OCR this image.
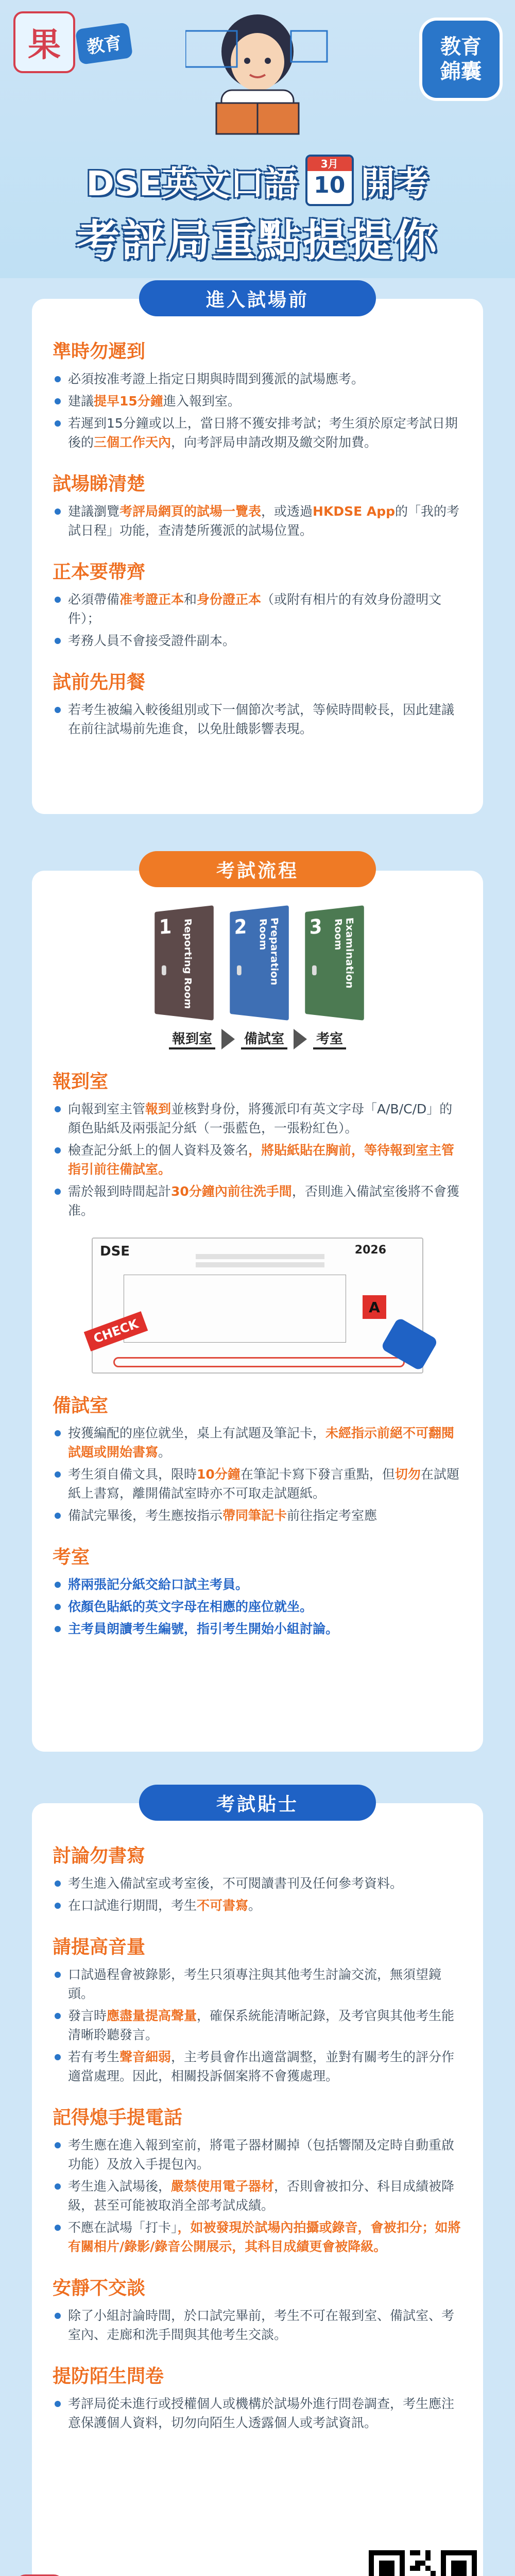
果	教育	教育
錦囊
DSE英文口語	3月
10 開考
考評局重點提提你
準時勿遲到
必須按准考證上指定日期與時間到獲派的試場應考。
建議提早15分鐘進入報到室。
若遲到15分鐘或以上，當日將不獲安排考試；考生須於原定考試日期後的三個工作天內，向考評局申請改期及繳交附加費。
試場睇清楚
建議瀏覽考評局網頁的試場一覽表，或透過HKDSE App的「我的考試日程」功能，查清楚所獲派的試場位置。
正本要帶齊
必須帶備准考證正本和身份證正本（或附有相片的有效身份證明文件）；
考務人員不會接受證件副本。
試前先用餐
若考生被編入較後組別或下一個節次考試，等候時間較長，因此建議在前往試場前先進食，以免肚餓影響表現。
進入試場前
1 Reporting Room 2	Preparation Room	3	Examination Room
報到室 備試室 考室
報到室
向報到室主管報到並核對身份，將獲派印有英文字母「A/B/C/D」的顏色貼紙及兩張記分紙（一張藍色，一張粉紅色）。
檢查記分紙上的個人資料及簽名，將貼紙貼在胸前，等待報到室主管指引前往備試室。
需於報到時間起計30分鐘內前往洗手間，否則進入備試室後將不會獲准。
DSE	2026
A
CHECK
備試室
按獲編配的座位就坐，桌上有試題及筆記卡，未經指示前絕不可翻閱試題或開始書寫。
考生須自備文具，限時10分鐘在筆記卡寫下發言重點，但切勿在試題紙上書寫，離開備試室時亦不可取走試題紙。
備試完畢後，考生應按指示帶同筆記卡前往指定考室應
考室
將兩張記分紙交給口試主考員。
依顏色貼紙的英文字母在相應的座位就坐。
主考員朗讀考生編號，指引考生開始小組討論。
考試流程
討論勿書寫
考生進入備試室或考室後，不可閱讀書刊及任何參考資料。
在口試進行期間，考生不可書寫。
請提高音量
口試過程會被錄影，考生只須專注與其他考生討論交流，無須望鏡頭。
發言時應盡量提高聲量，確保系統能清晰記錄，及考官與其他考生能清晰聆聽發言。
若有考生聲音細弱，主考員會作出適當調整，並對有關考生的評分作適當處理。因此，相關投訴個案將不會獲處理。
記得熄手提電話
考生應在進入報到室前，將電子器材關掉（包括響鬧及定時自動重啟功能）及放入手提包內。
考生進入試場後，嚴禁使用電子器材，否則會被扣分、科目成績被降級，甚至可能被取消全部考試成績。
不應在試場「打卡」，如被發現於試場內拍攝或錄音，會被扣分；如將有關相片/錄影/錄音公開展示，其科目成績更會被降級。
安靜不交談
除了小組討論時間，於口試完畢前，考生不可在報到室、備試室、考室內、走廊和洗手間與其他考生交談。
提防陌生問卷
考評局從未進行或授權個人或機構於試場外進行問卷調查，考生應注意保護個人資料，切勿向陌生人透露個人或考試資訊。
考試貼士
